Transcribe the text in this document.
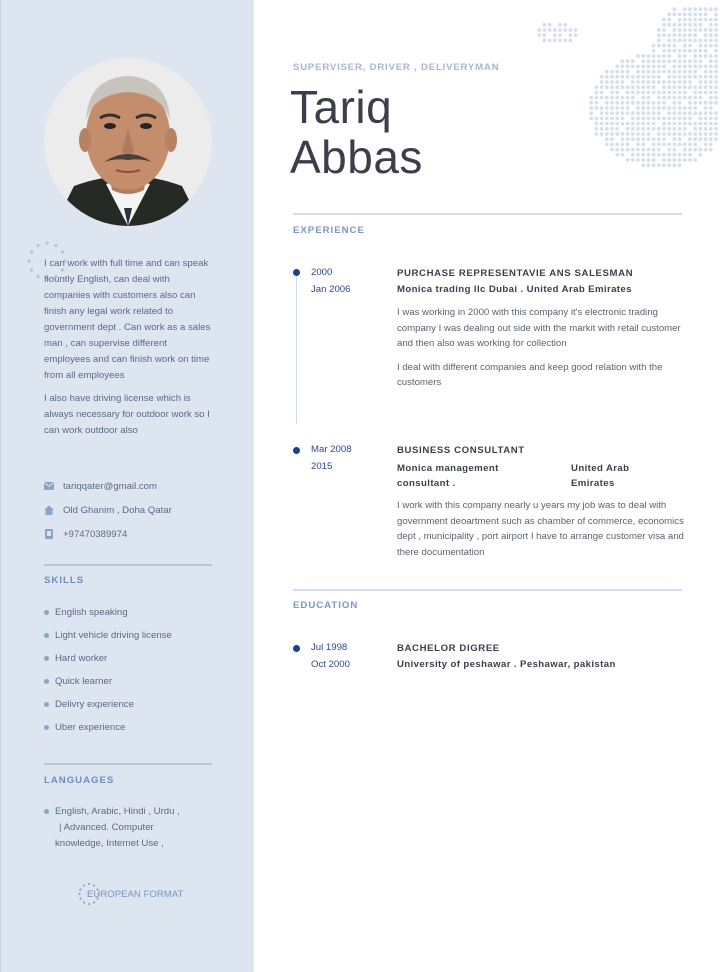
I can work with full time and can speak flountly English, can deal with companies with customers also can finish any legal work related to government dept . Can work as a sales man , can supervise different employees and can finish work on time from all employees

I also have driving license which is always necessary for outdoor work so I can work outdoor also

tariqqater@gmail.com
Old Ghanim , Doha Qatar
+97470389974
SKILLS
English speaking
Light vehicle driving license
Hard worker
Quick learner
Delivry experience
Uber experience
LANGUAGES
English, Arabic, Hindi , Urdu ,
| Advanced. Computer
knowledge, Internet Use ,
EUROPEAN FORMAT
SUPERVISER, DRIVER , DELIVERYMAN
Tariq
Abbas
EXPERIENCE
2000
Jan 2006
PURCHASE REPRESENTAVIE ANS SALESMAN
Monica trading llc Dubai . United Arab Emirates

I was working in 2000 with this company it's electronic trading company I was dealing out side with the markit with retail customer and then also was working for collection

I deal with different companies and keep good relation with the customers

Mar 2008
2015
BUSINESS CONSULTANT
Monica management
consultant .
United Arab
Emirates

I work with this company nearly u years my job was to deal with government deoartment such as chamber of commerce, economics dept , municipality , port airport I have to arrange customer visa and there documentation

EDUCATION
Jul 1998
Oct 2000
BACHELOR DIGREE
University of peshawar . Peshawar, pakistan
